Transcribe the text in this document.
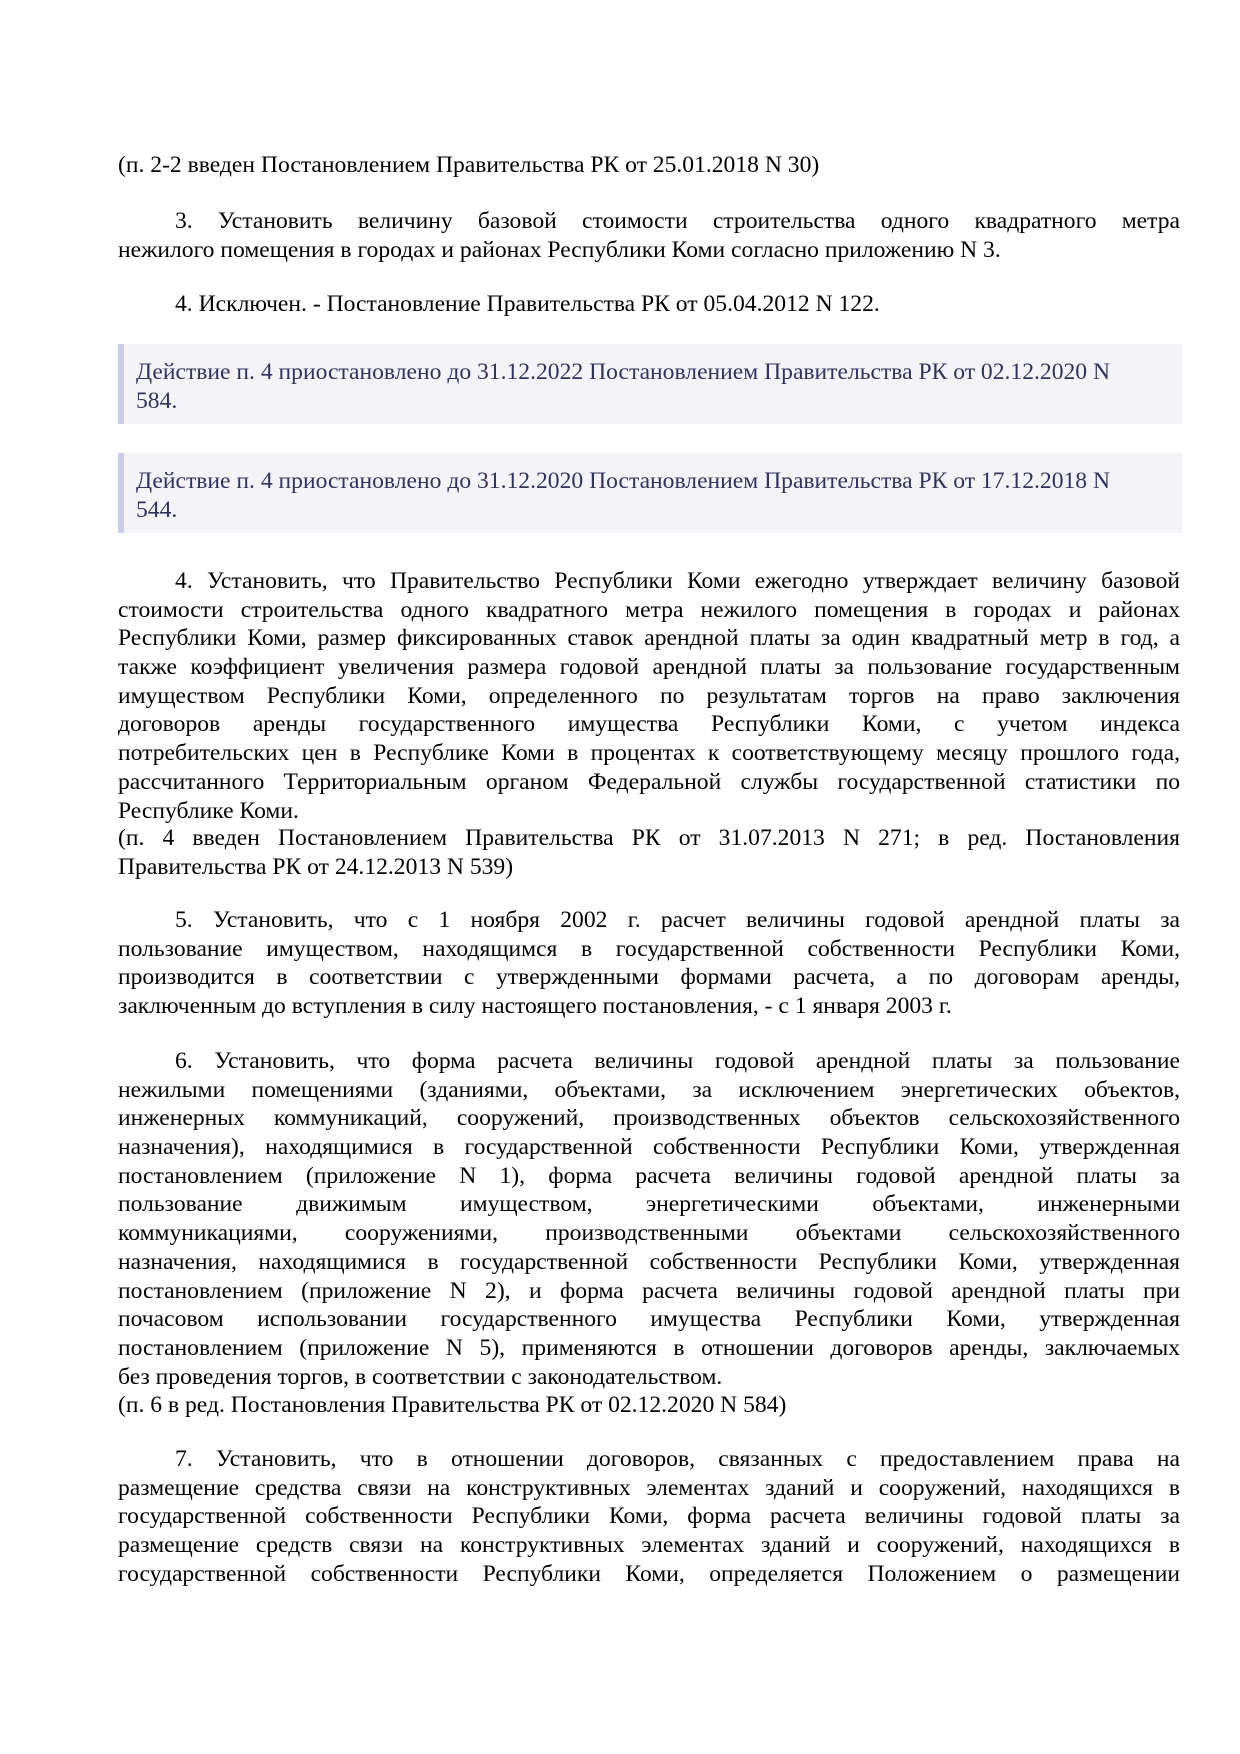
(п. 2-2 введен Постановлением Правительства РК от 25.01.2018 N 30)
3. Установить величину базовой стоимости строительства одного квадратного метра
нежилого помещения в городах и районах Республики Коми согласно приложению N 3.
4. Исключен. - Постановление Правительства РК от 05.04.2012 N 122.
4. Установить, что Правительство Республики Коми ежегодно утверждает величину базовой
стоимости строительства одного квадратного метра нежилого помещения в городах и районах
Республики Коми, размер фиксированных ставок арендной платы за один квадратный метр в год, а
также коэффициент увеличения размера годовой арендной платы за пользование государственным
имуществом Республики Коми, определенного по результатам торгов на право заключения
договоров аренды государственного имущества Республики Коми, с учетом индекса
потребительских цен в Республике Коми в процентах к соответствующему месяцу прошлого года,
рассчитанного Территориальным органом Федеральной службы государственной статистики по
Республике Коми.
(п. 4 введен Постановлением Правительства РК от 31.07.2013 N 271; в ред. Постановления
Правительства РК от 24.12.2013 N 539)
5. Установить, что с 1 ноября 2002 г. расчет величины годовой арендной платы за
пользование имуществом, находящимся в государственной собственности Республики Коми,
производится в соответствии с утвержденными формами расчета, а по договорам аренды,
заключенным до вступления в силу настоящего постановления, - с 1 января 2003 г.
6. Установить, что форма расчета величины годовой арендной платы за пользование
нежилыми помещениями (зданиями, объектами, за исключением энергетических объектов,
инженерных коммуникаций, сооружений, производственных объектов сельскохозяйственного
назначения), находящимися в государственной собственности Республики Коми, утвержденная
постановлением (приложение N 1), форма расчета величины годовой арендной платы за
пользование движимым имуществом, энергетическими объектами, инженерными
коммуникациями, сооружениями, производственными объектами сельскохозяйственного
назначения, находящимися в государственной собственности Республики Коми, утвержденная
постановлением (приложение N 2), и форма расчета величины годовой арендной платы при
почасовом использовании государственного имущества Республики Коми, утвержденная
постановлением (приложение N 5), применяются в отношении договоров аренды, заключаемых
без проведения торгов, в соответствии с законодательством.
(п. 6 в ред. Постановления Правительства РК от 02.12.2020 N 584)
7. Установить, что в отношении договоров, связанных с предоставлением права на
размещение средства связи на конструктивных элементах зданий и сооружений, находящихся в
государственной собственности Республики Коми, форма расчета величины годовой платы за
размещение средств связи на конструктивных элементах зданий и сооружений, находящихся в
государственной собственности Республики Коми, определяется Положением о размещении
Действие п. 4 приостановлено до 31.12.2022 Постановлением Правительства РК от 02.12.2020 N
584.
Действие п. 4 приостановлено до 31.12.2020 Постановлением Правительства РК от 17.12.2018 N
544.
